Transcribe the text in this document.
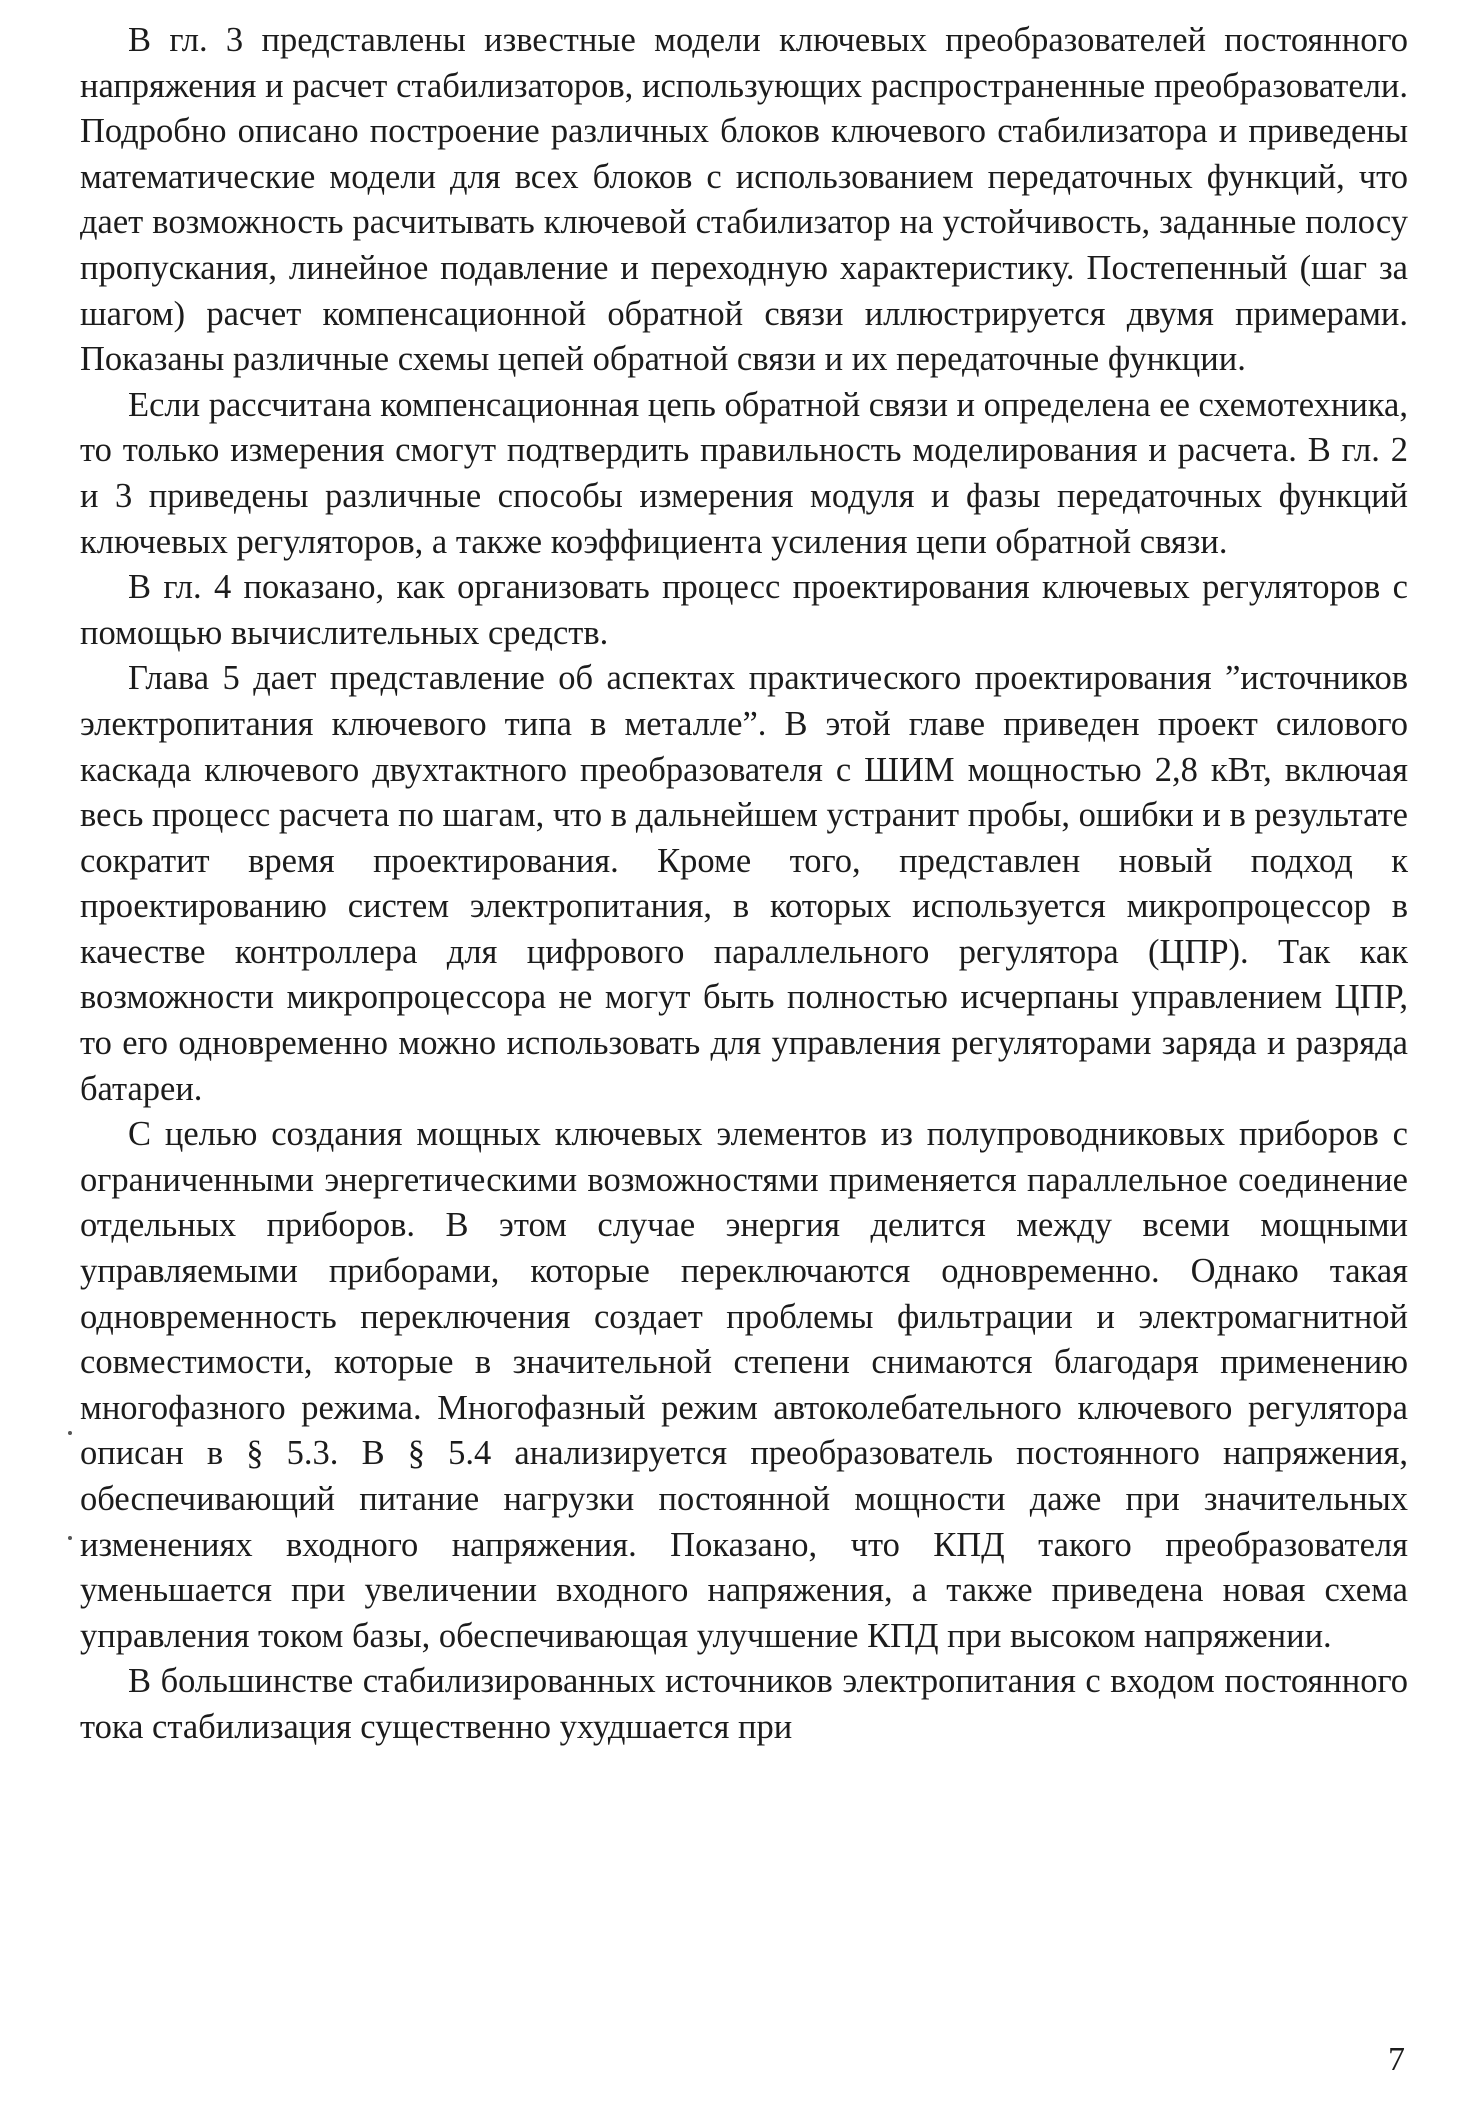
В гл. 3 представлены известные модели ключевых преобразователей постоянного напряжения и расчет стабилизаторов, использующих распространенные преобразователи. Подробно описано построение различных блоков ключевого стабилизатора и приведены математические модели для всех блоков с использованием передаточных функций, что дает возможность расчитывать ключевой стабилизатор на устойчивость, заданные полосу пропускания, линейное подавление и переходную характеристику. Постепенный (шаг за шагом) расчет компенсационной обратной связи иллюстрируется двумя примерами. Показаны различные схемы цепей обратной связи и их передаточные функции.

Если рассчитана компенсационная цепь обратной связи и определена ее схемотехника, то только измерения смогут подтвердить правильность моделирования и расчета. В гл. 2 и 3 приведены различные способы измерения модуля и фазы передаточных функций ключевых регуляторов, а также коэффициента усиления цепи обратной связи.

В гл. 4 показано, как организовать процесс проектирования ключевых регуляторов с помощью вычислительных средств.

Глава 5 дает представление об аспектах практического проектирования ”источников электропитания ключевого типа в металле”. В этой главе приведен проект силового каскада ключевого двухтактного преобразователя с ШИМ мощностью 2,8 кВт, включая весь процесс расчета по шагам, что в дальнейшем устранит пробы, ошибки и в результате сократит время проектирования. Кроме того, представлен новый подход к проектированию систем электропитания, в которых используется микропроцессор в качестве контроллера для цифрового параллельного регулятора (ЦПР). Так как возможности микропроцессора не могут быть полностью исчерпаны управлением ЦПР, то его одновременно можно использовать для управления регуляторами заряда и разряда батареи.

С целью создания мощных ключевых элементов из полупроводниковых приборов с ограниченными энергетическими возможностями применяется параллельное соединение отдельных приборов. В этом случае энергия делится между всеми мощными управляемыми приборами, которые переключаются одновременно. Однако такая одновременность переключения создает проблемы фильтрации и электромагнитной совместимости, которые в значительной степени снимаются благодаря применению многофазного режима. Многофазный режим автоколебательного ключевого регулятора описан в § 5.3. В § 5.4 анализируется преобразователь постоянного напряжения, обеспечивающий питание нагрузки постоянной мощности даже при значительных изменениях входного напряжения. Показано, что КПД такого преобразователя уменьшается при увеличении входного напряжения, а также приведена новая схема управления током базы, обеспечивающая улучшение КПД при высоком напряжении.

В большинстве стабилизированных источников электропитания с входом постоянного тока стабилизация существенно ухудшается при

7
